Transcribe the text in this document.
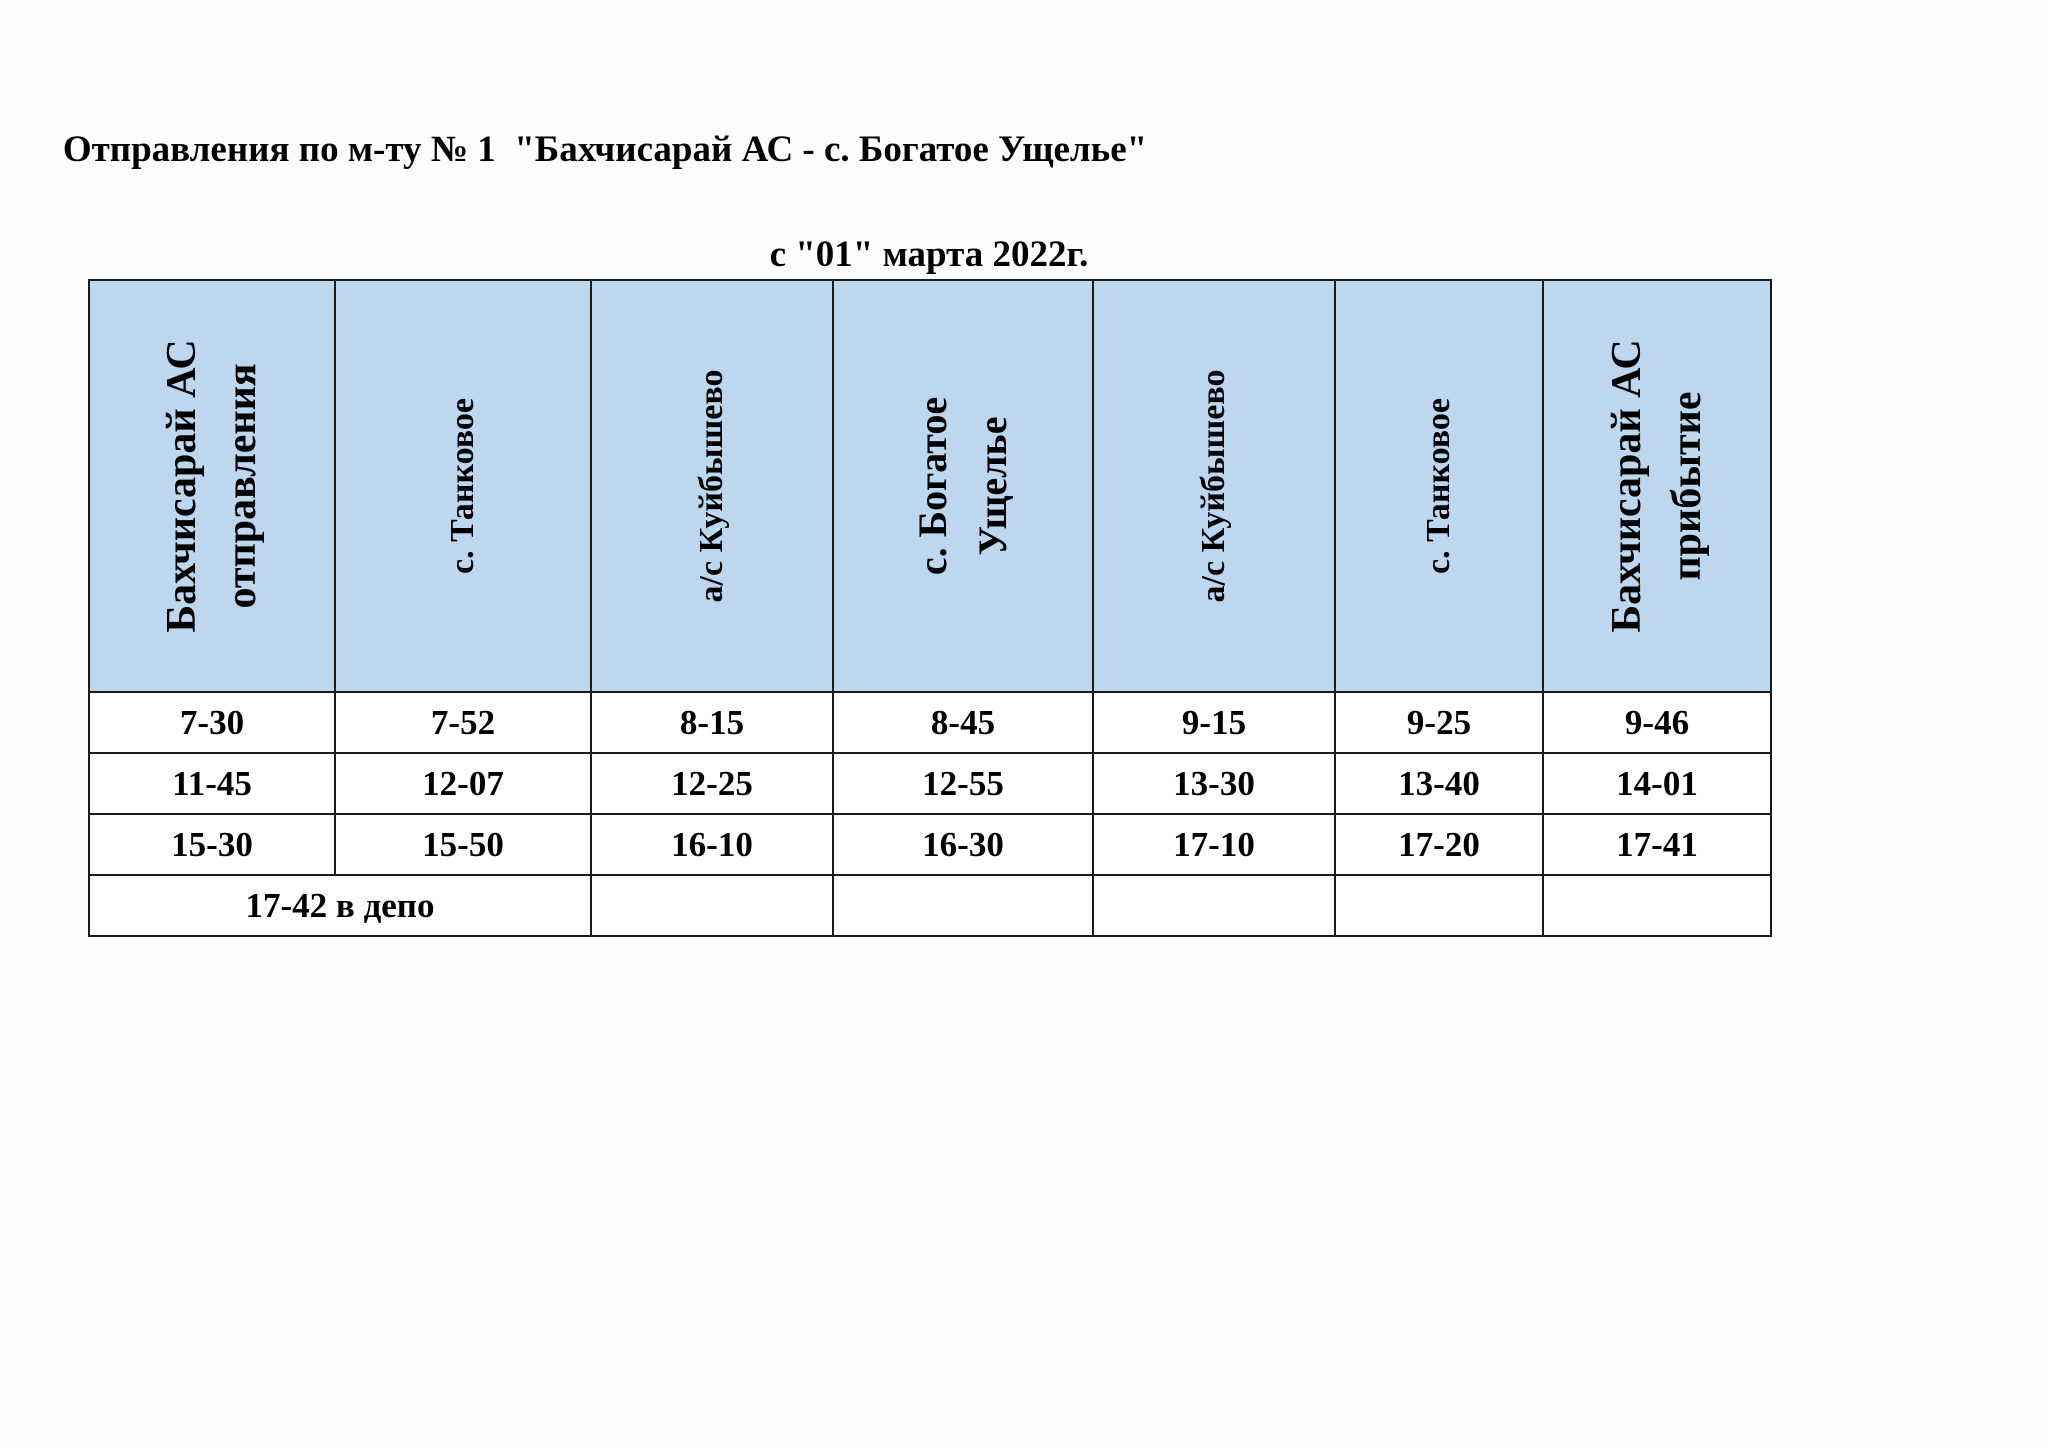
Отправления по м-ту № 1  "Бахчисарай АС - с. Богатое Ущелье"
с "01" марта 2022г.
Бахчисарай АС отправления	с. Танковое	а/с Куйбышево	с. Богатое Ущелье	а/с Куйбышево	с. Танковое	Бахчисарай АС прибытие

7-30	7-52	8-15	8-45	9-15	9-25	9-46
11-45	12-07	12-25	12-55	13-30	13-40	14-01
15-30	15-50	16-10	16-30	17-10	17-20	17-41
17-42 в депо						
